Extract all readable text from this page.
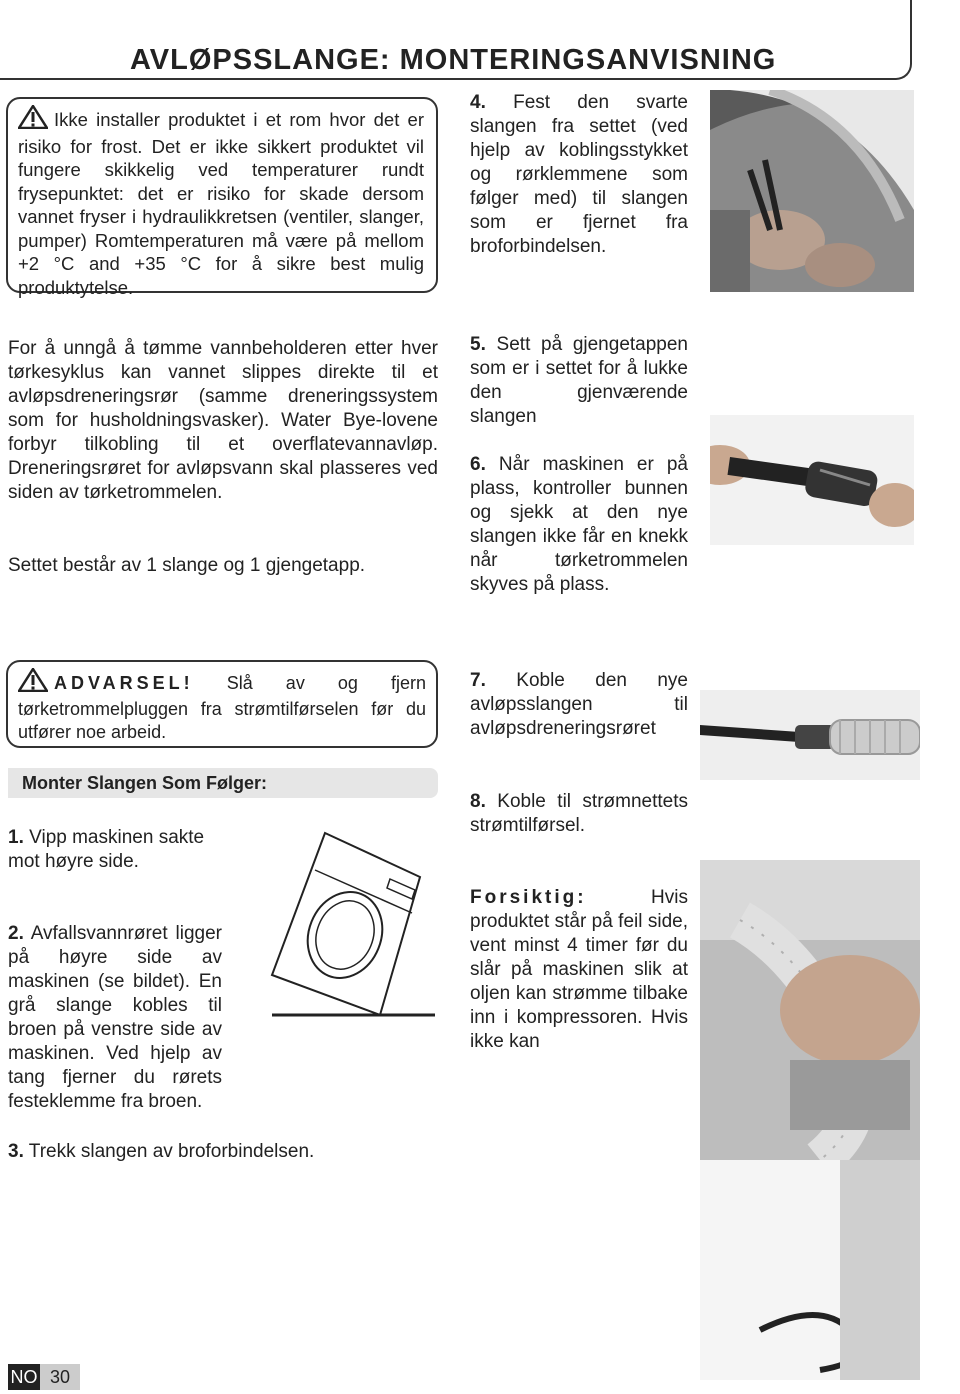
AVLØPSSLANGE: MONTERINGSANVISNING
Ikke installer produktet i et rom hvor det er risiko for frost. Det er ikke sikkert produktet vil fungere skikkelig ved temperaturer rundt frysepunktet: det er risiko for skade dersom vannet fryser i hydraulikkretsen (ventiler, slanger, pumper) Romtemperaturen må være på mellom +2 °C and +35 °C for å sikre best mulig produktytelse.
For å unngå å tømme vannbeholderen etter hver tørkesyklus kan vannet slippes direkte til et avløpsdreneringsrør (samme dreneringssystem som for husholdningsvasker). Water Bye-lovene forbyr tilkobling til et overflatevannavløp. Dreneringsrøret for avløpsvann skal plasseres ved siden av tørketrommelen.
Settet består av 1 slange og 1 gjengetapp.
ADVARSEL! Slå av og fjern tørketrommelpluggen fra strømtilførselen før du utfører noe arbeid.
Monter Slangen Som Følger:
1. Vipp maskinen sakte mot høyre side.
2. Avfallsvannrøret ligger på høyre side av maskinen (se bildet). En grå slange kobles til broen på venstre side av maskinen. Ved hjelp av tang fjerner du rørets festeklemme fra broen.
3. Trekk slangen av broforbindelsen.
4. Fest den svarte slangen fra settet (ved hjelp av koblingsstykket og rørklemmene som følger med) til slangen som er fjernet fra broforbindelsen.
5. Sett på gjengetappen som er i settet for å lukke den gjenværende slangen
6. Når maskinen er på plass, kontroller bunnen og sjekk at den nye slangen ikke får en knekk når tørketrommelen skyves på plass.
7. Koble den nye avløpsslangen til avløpsdreneringsrøret
8. Koble til strømnettets strømtilførsel.
Forsiktig:	Hvis produktet står på feil side, vent minst 4 timer før du slår på maskinen slik at oljen kan strømme tilbake inn i kompressoren. Hvis ikke kan
NO 30
